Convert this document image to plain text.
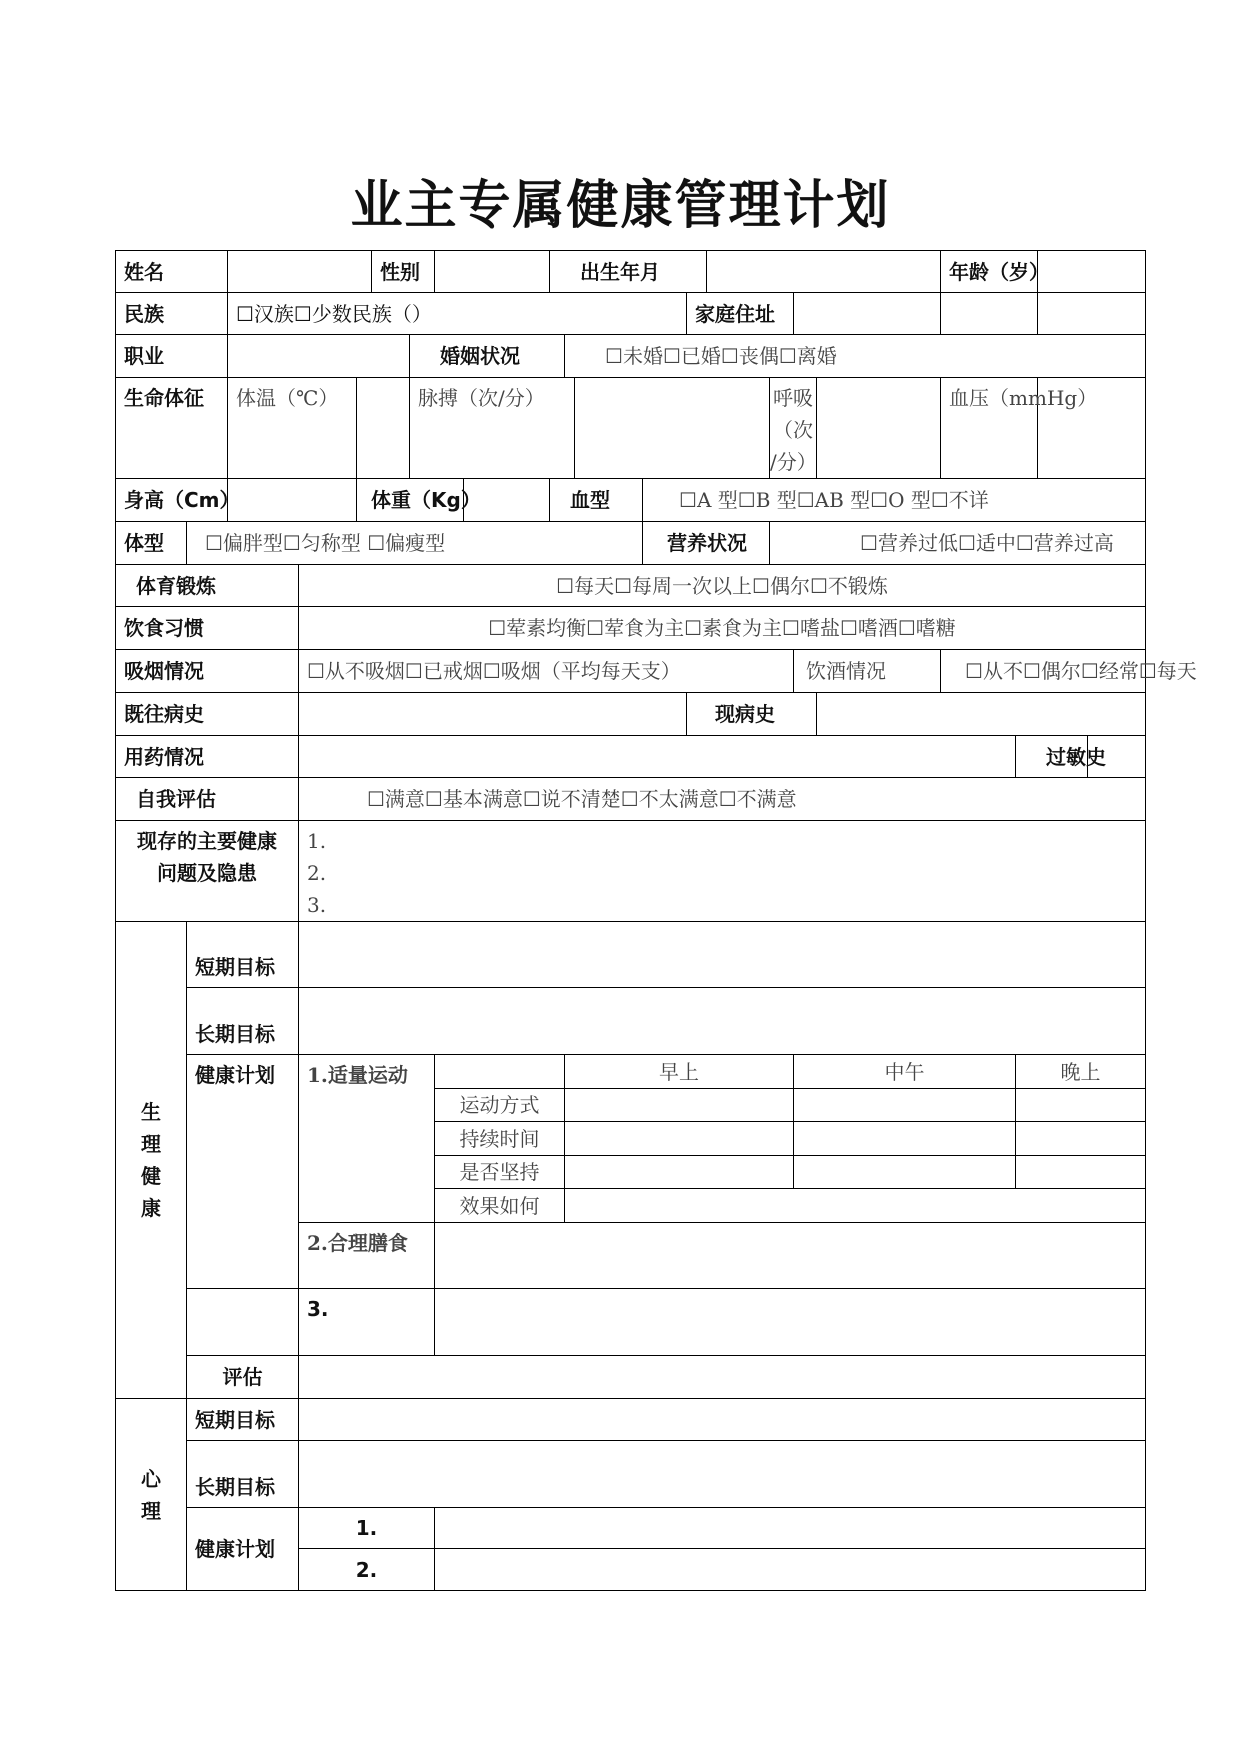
业主专属健康管理计划
姓名					性别				出生年月									年龄（岁）			
民族		☐汉族☐少数民族（）											家庭住址								
职业						婚姻状况				☐未婚☐已婚☐丧偶☐离婚											
生命体征		体温（℃）				脉搏（次/分）									呼吸
（次
/分）			血压（mmHg）			
身高（Cm）				体重（Kg）					血型			☐A 型☐B 型☐AB 型☐O 型☐不详									
体型	☐偏胖型☐匀称型 ☐偏瘦型											营养状况			☐营养过低☐适中☐营养过高						
体育锻炼			☐每天☐每周一次以上☐偶尔☐不锻炼																		
饮食习惯			☐荤素均衡☐荤食为主☐素食为主☐嗜盐☐嗜酒☐嗜糖																		
吸烟情况			☐从不吸烟☐已戒烟☐吸烟（平均每天支）													饮酒情况		☐从不☐偶尔☐经常☐每天			
既往病史													现病史								
用药情况																			过敏史		
自我评估			☐满意☐基本满意☐说不清楚☐不太满意☐不满意																		

现存的主要健康
问题及隐患			1.
2.
3.																		

生
理
健
康	短期目标																				
	长期目标																				
	健康计划		1.适量运动							早上						中午			晚上		
							运动方式														
							持续时间														
							是否坚持														
							效果如何														
			2.合理膳食																		
			3.																		
	评估																				

心
理	短期目标																				
	长期目标																				
	健康计划		1.																		
			2.																		
